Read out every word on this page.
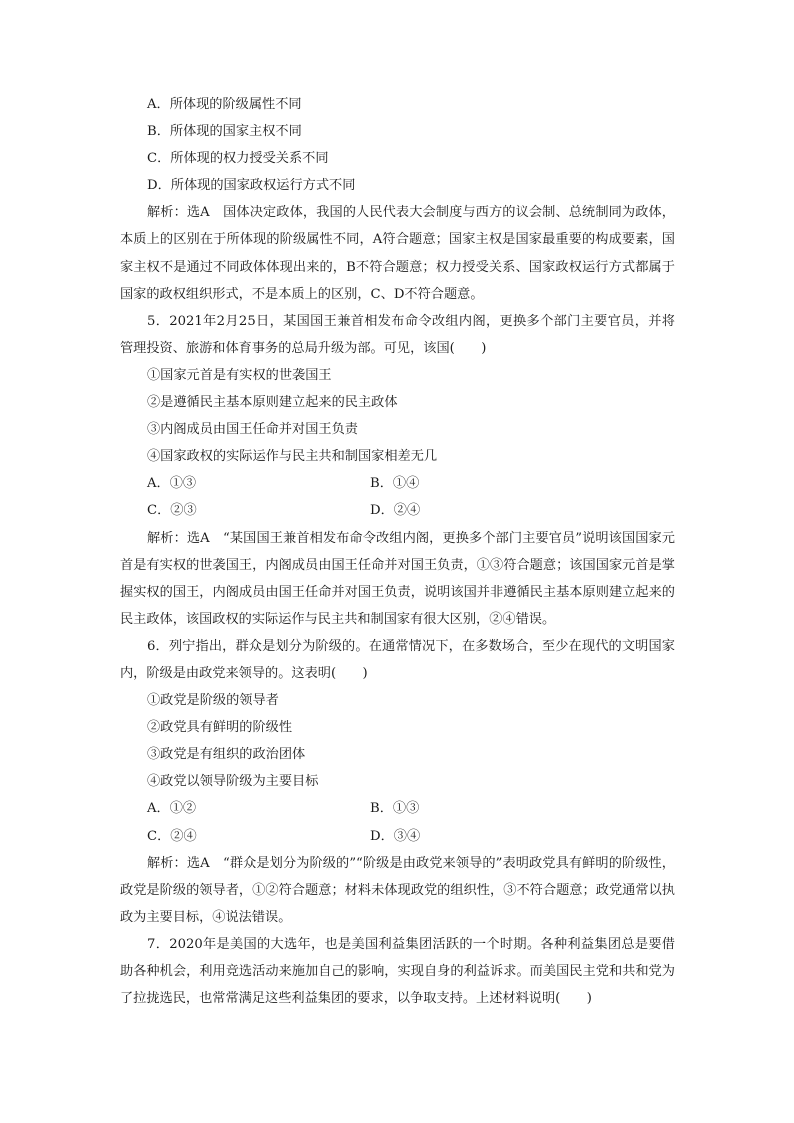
A．所体现的阶级属性不同
B．所体现的国家主权不同
C．所体现的权力授受关系不同
D．所体现的国家政权运行方式不同
解析：选A　国体决定政体，我国的人民代表大会制度与西方的议会制、总统制同为政体，本质上的区别在于所体现的阶级属性不同，A符合题意；国家主权是国家最重要的构成要素，国家主权不是通过不同政体体现出来的，B不符合题意；权力授受关系、国家政权运行方式都属于国家的政权组织形式，不是本质上的区别，C、D不符合题意。
5．2021年2月25日，某国国王兼首相发布命令改组内阁，更换多个部门主要官员，并将管理投资、旅游和体育事务的总局升级为部。可见，该国(　　)
①国家元首是有实权的世袭国王
②是遵循民主基本原则建立起来的民主政体
③内阁成员由国王任命并对国王负责
④国家政权的实际运作与民主共和制国家相差无几
A．①③	B．①④
C．②③	D．②④
解析：选A　“某国国王兼首相发布命令改组内阁，更换多个部门主要官员”说明该国国家元首是有实权的世袭国王，内阁成员由国王任命并对国王负责，①③符合题意；该国国家元首是掌握实权的国王，内阁成员由国王任命并对国王负责，说明该国并非遵循民主基本原则建立起来的民主政体，该国政权的实际运作与民主共和制国家有很大区别，②④错误。
6．列宁指出，群众是划分为阶级的。在通常情况下，在多数场合，至少在现代的文明国家内，阶级是由政党来领导的。这表明(　　)
①政党是阶级的领导者
②政党具有鲜明的阶级性
③政党是有组织的政治团体
④政党以领导阶级为主要目标
A．①②	B．①③
C．②④	D．③④
解析：选A　“群众是划分为阶级的”“阶级是由政党来领导的”表明政党具有鲜明的阶级性，政党是阶级的领导者，①②符合题意；材料未体现政党的组织性，③不符合题意；政党通常以执政为主要目标，④说法错误。
7．2020年是美国的大选年，也是美国利益集团活跃的一个时期。各种利益集团总是要借助各种机会，利用竞选活动来施加自己的影响，实现自身的利益诉求。而美国民主党和共和党为了拉拢选民，也常常满足这些利益集团的要求，以争取支持。上述材料说明(　　)
